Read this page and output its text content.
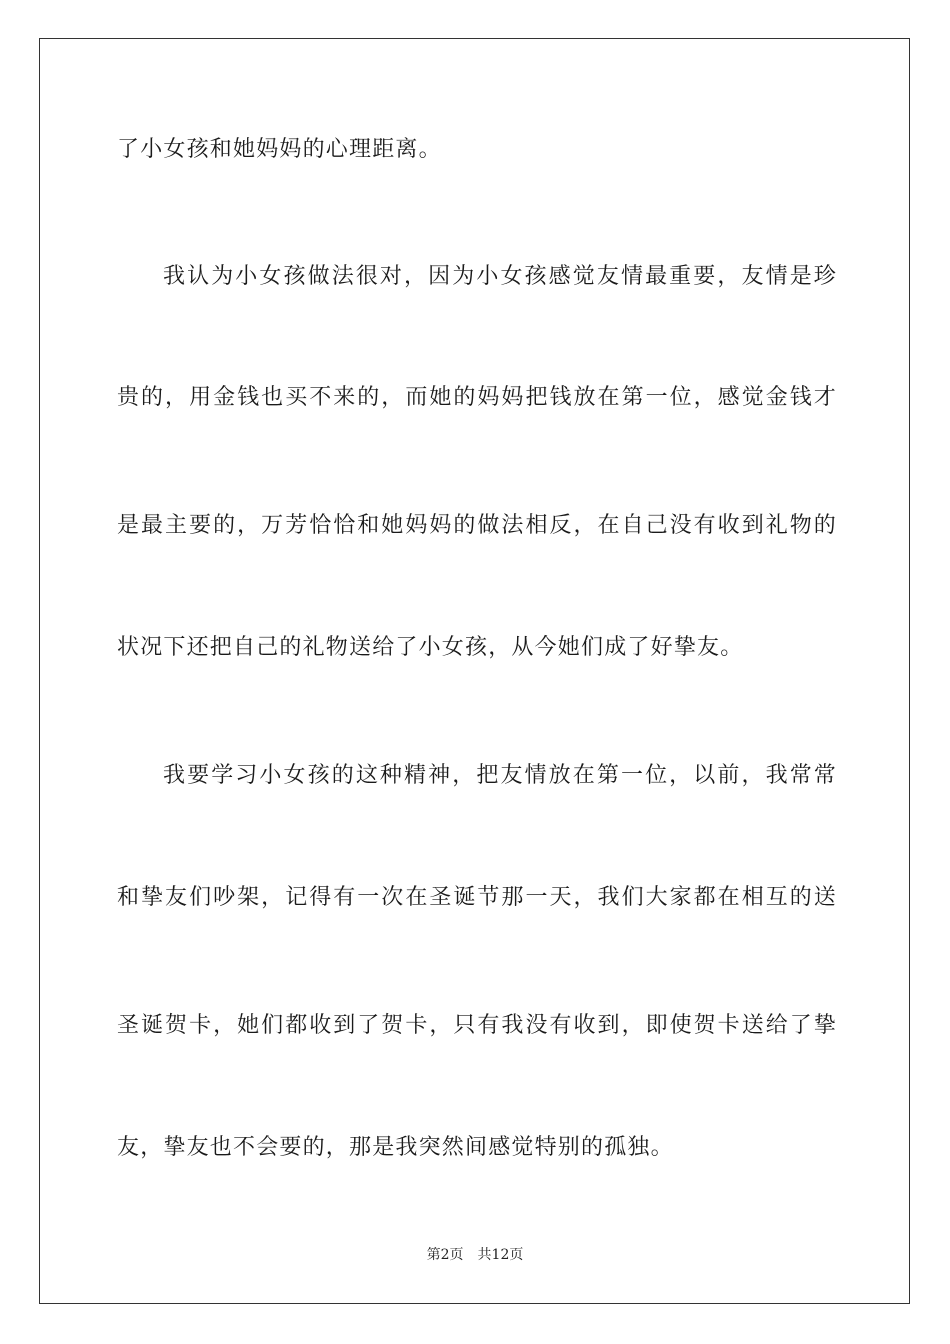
了小女孩和她妈妈的心理距离。
我认为小女孩做法很对，因为小女孩感觉友情最重要，友情是珍
贵的，用金钱也买不来的，而她的妈妈把钱放在第一位，感觉金钱才
是最主要的，万芳恰恰和她妈妈的做法相反，在自己没有收到礼物的
状况下还把自己的礼物送给了小女孩，从今她们成了好挚友。
我要学习小女孩的这种精神，把友情放在第一位，以前，我常常
和挚友们吵架，记得有一次在圣诞节那一天，我们大家都在相互的送
圣诞贺卡，她们都收到了贺卡，只有我没有收到，即使贺卡送给了挚
友，挚友也不会要的，那是我突然间感觉特别的孤独。
第2页 共12页
